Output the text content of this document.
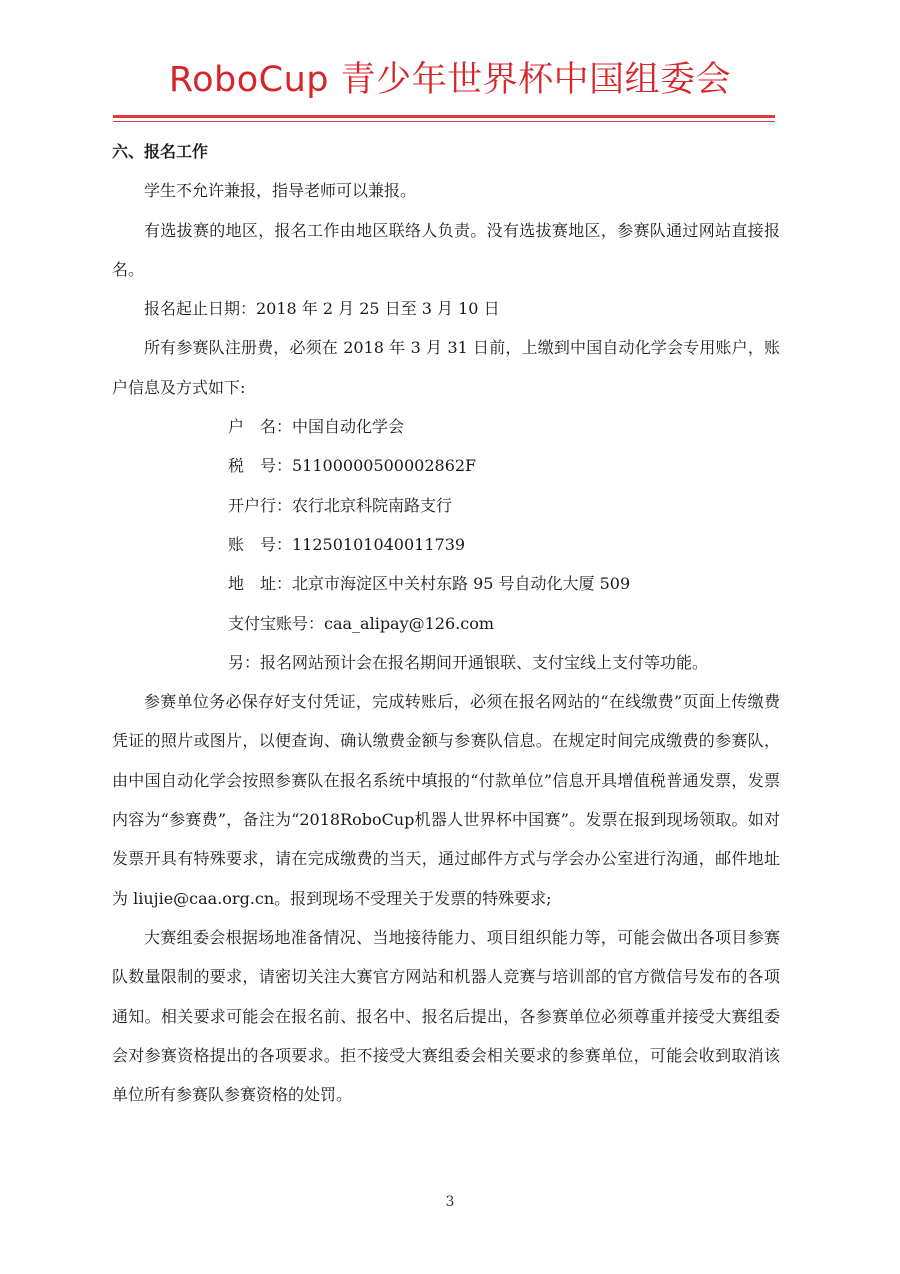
RoboCup 青少年世界杯中国组委会

六、报名工作

学生不允许兼报，指导老师可以兼报。

有选拔赛的地区，报名工作由地区联络人负责。没有选拔赛地区，参赛队通过网站直接报名。

报名起止日期：2018 年 2 月 25 日至 3 月 10 日

所有参赛队注册费，必须在 2018 年 3 月 31 日前，上缴到中国自动化学会专用账户，账户信息及方式如下:

户　名：中国自动化学会

税　号：51100000500002862F

开户行：农行北京科院南路支行

账　号：11250101040011739

地　址：北京市海淀区中关村东路 95 号自动化大厦 509

支付宝账号：caa_alipay@126.com

另：报名网站预计会在报名期间开通银联、支付宝线上支付等功能。

参赛单位务必保存好支付凭证，完成转账后，必须在报名网站的“在线缴费”页面上传缴费凭证的照片或图片，以便查询、确认缴费金额与参赛队信息。在规定时间完成缴费的参赛队，由中国自动化学会按照参赛队在报名系统中填报的“付款单位”信息开具增值税普通发票，发票内容为“参赛费”，备注为“2018RoboCup机器人世界杯中国赛”。发票在报到现场领取。如对发票开具有特殊要求，请在完成缴费的当天，通过邮件方式与学会办公室进行沟通，邮件地址为 liujie@caa.org.cn。报到现场不受理关于发票的特殊要求;

大赛组委会根据场地准备情况、当地接待能力、项目组织能力等，可能会做出各项目参赛队数量限制的要求，请密切关注大赛官方网站和机器人竞赛与培训部的官方微信号发布的各项通知。相关要求可能会在报名前、报名中、报名后提出，各参赛单位必须尊重并接受大赛组委会对参赛资格提出的各项要求。拒不接受大赛组委会相关要求的参赛单位，可能会收到取消该单位所有参赛队参赛资格的处罚。

3
